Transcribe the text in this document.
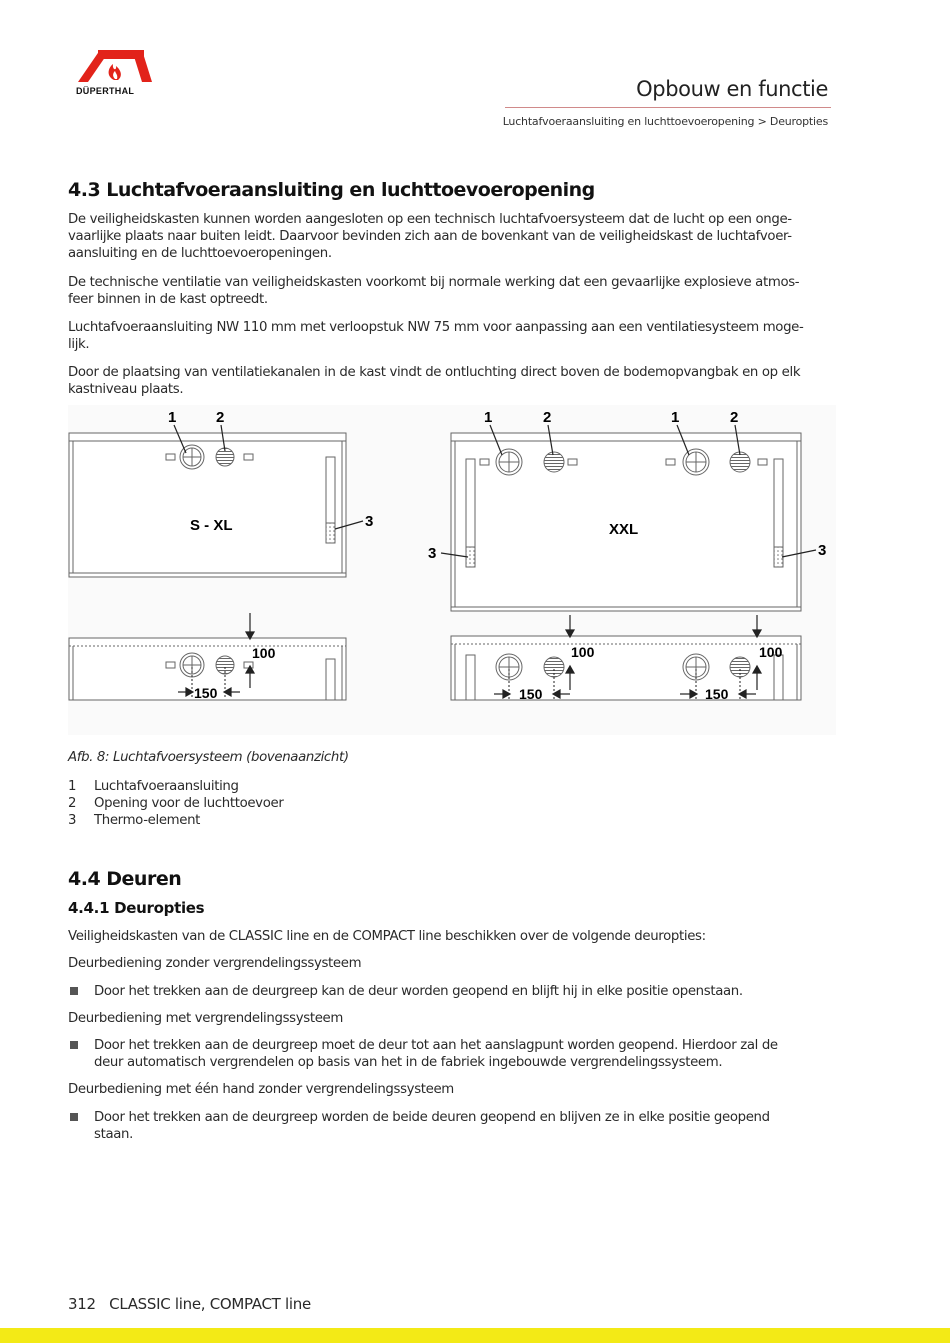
DÜPERTHAL	Opbouw en functie
Luchtafvoeraansluiting en luchttoevoeropening > Deuropties
4.3 Luchtafvoeraansluiting en luchttoevoeropening
De veiligheidskasten kunnen worden aangesloten op een technisch luchtafvoersysteem dat de lucht op een onge-
vaarlijke plaats naar buiten leidt. Daarvoor bevinden zich aan de bovenkant van de veiligheidskast de luchtafvoer-
aansluiting en de luchttoevoeropeningen.
De technische ventilatie van veiligheidskasten voorkomt bij normale werking dat een gevaarlijke explosieve atmos-
feer binnen in de kast optreedt.
Luchtafvoeraansluiting NW 110 mm met verloopstuk NW 75 mm voor aanpassing aan een ventilatiesysteem moge-
lijk.
Door de plaatsing van ventilatiekanalen in de kast vindt de ontluchting direct boven de bodemopvangbak en op elk
kastniveau plaats.
S - XL
1	2
3
100
150
XXL
1	2	1	2
3	3
100	100
150	150
Afb. 8: Luchtafvoersysteem (bovenaanzicht)
1 Luchtafvoeraansluiting
2 Opening voor de luchttoevoer
3 Thermo-element
4.4 Deuren
4.4.1 Deuropties
Veiligheidskasten van de CLASSIC line en de COMPACT line beschikken over de volgende deuropties:
Deurbediening zonder vergrendelingssysteem
Door het trekken aan de deurgreep kan de deur worden geopend en blijft hij in elke positie openstaan.
Deurbediening met vergrendelingssysteem
Door het trekken aan de deurgreep moet de deur tot aan het aanslagpunt worden geopend. Hierdoor zal de
deur automatisch vergrendelen op basis van het in de fabriek ingebouwde vergrendelingssysteem.
Deurbediening met één hand zonder vergrendelingssysteem
Door het trekken aan de deurgreep worden de beide deuren geopend en blijven ze in elke positie geopend
staan.
312 CLASSIC line, COMPACT line
